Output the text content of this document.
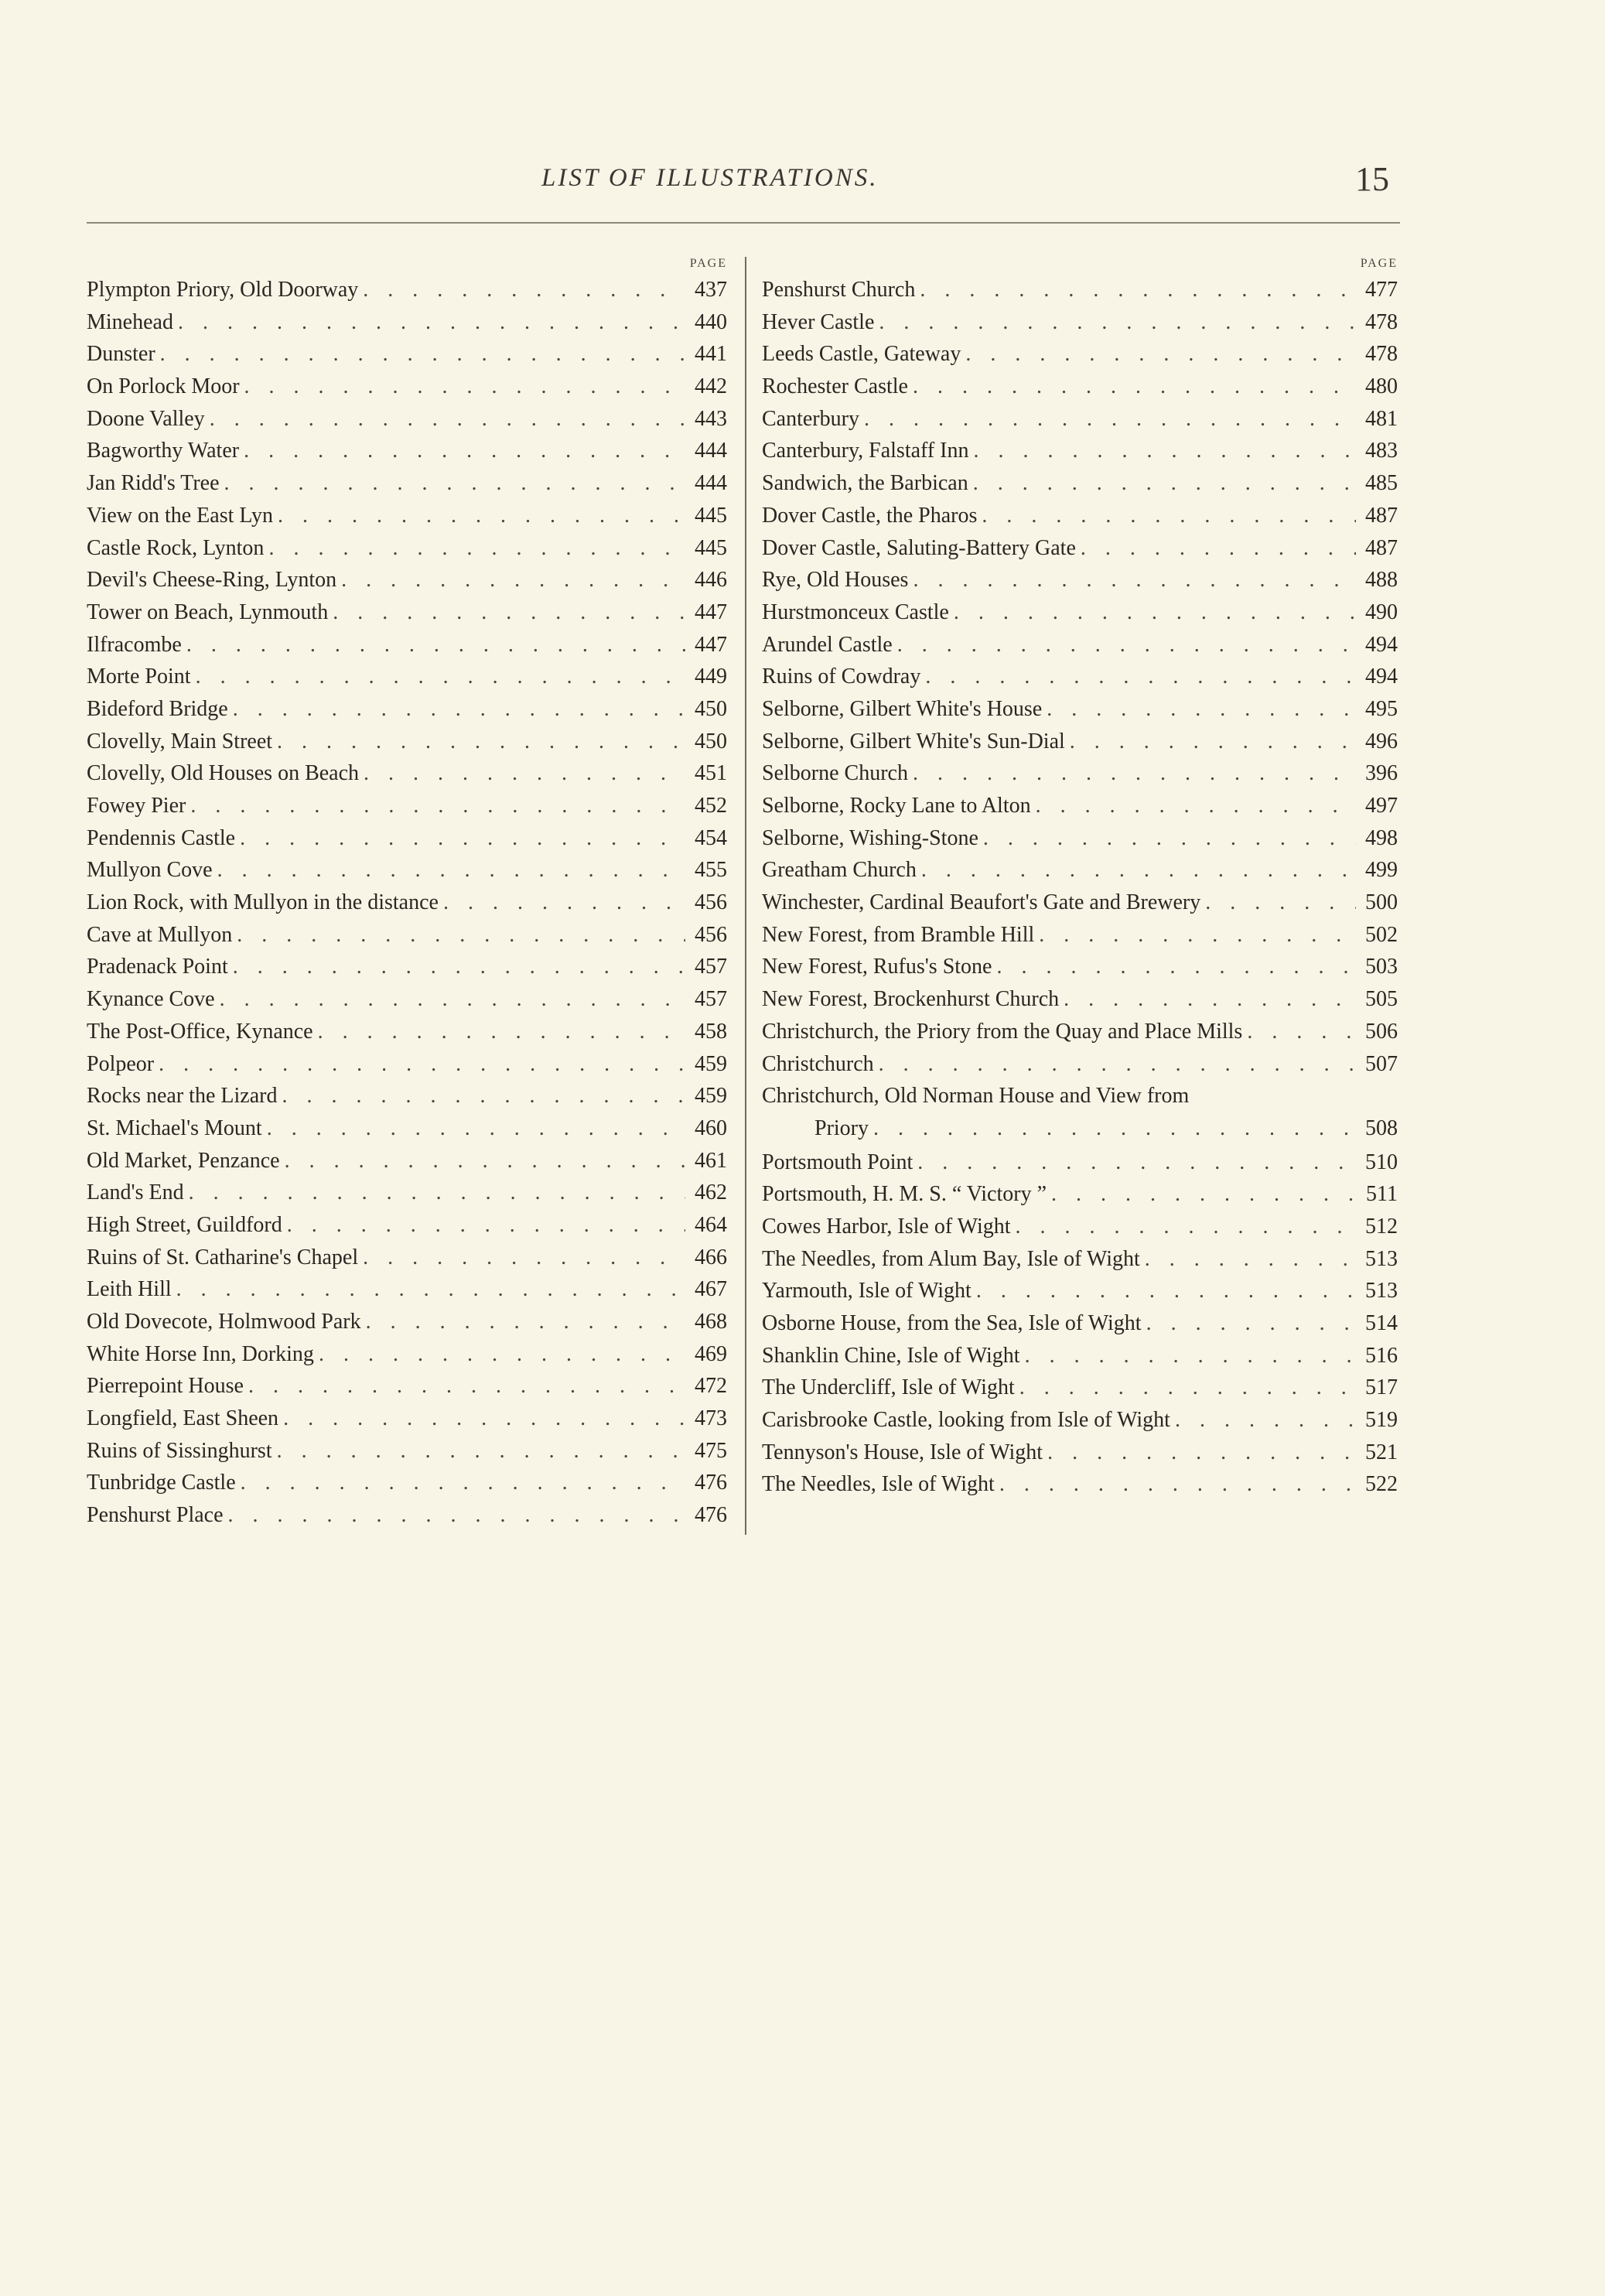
LIST OF ILLUSTRATIONS.	15
PAGE
Plympton Priory, Old Doorway . . .	437
Minehead . . .	440
Dunster . . .	441
On Porlock Moor . . .	442
Doone Valley . . .	443
Bagworthy Water . . .	444
Jan Ridd's Tree . . .	444
View on the East Lyn . . .	445
Castle Rock, Lynton . . .	445
Devil's Cheese-Ring, Lynton . . .	446
Tower on Beach, Lynmouth . . .	447
Ilfracombe . . .	447
Morte Point . . .	449
Bideford Bridge . . .	450
Clovelly, Main Street . . .	450
Clovelly, Old Houses on Beach . . .	451
Fowey Pier . . .	452
Pendennis Castle . . .	454
Mullyon Cove . . .	455
Lion Rock, with Mullyon in the distance . . .	456
Cave at Mullyon . . .	456
Pradenack Point . . .	457
Kynance Cove . . .	457
The Post-Office, Kynance . . .	458
Polpeor . . .	459
Rocks near the Lizard . . .	459
St. Michael's Mount . . .	460
Old Market, Penzance . . .	461
Land's End . . .	462
High Street, Guildford . . .	464
Ruins of St. Catharine's Chapel . . .	466
Leith Hill . . .	467
Old Dovecote, Holmwood Park . . .	468
White Horse Inn, Dorking . . .	469
Pierrepoint House . . .	472
Longfield, East Sheen . . .	473
Ruins of Sissinghurst . . .	475
Tunbridge Castle . . .	476
Penshurst Place . . .	476
PAGE
Penshurst Church . . .	477
Hever Castle . . .	478
Leeds Castle, Gateway . . .	478
Rochester Castle . . .	480
Canterbury . . .	481
Canterbury, Falstaff Inn . . .	483
Sandwich, the Barbican . . .	485
Dover Castle, the Pharos . . .	487
Dover Castle, Saluting-Battery Gate . . .	487
Rye, Old Houses . . .	488
Hurstmonceux Castle . . .	490
Arundel Castle . . .	494
Ruins of Cowdray . . .	494
Selborne, Gilbert White's House . . .	495
Selborne, Gilbert White's Sun-Dial . . .	496
Selborne Church . . .	396
Selborne, Rocky Lane to Alton . . .	497
Selborne, Wishing-Stone . . .	498
Greatham Church . . .	499
Winchester, Cardinal Beaufort's Gate and Brewery . . .	500
New Forest, from Bramble Hill . . .	502
New Forest, Rufus's Stone . . .	503
New Forest, Brockenhurst Church . . .	505
Christchurch, the Priory from the Quay and Place Mills . . .	506
Christchurch . . .	507
Christchurch, Old Norman House and View from
Priory . . .	508
Portsmouth Point . . .	510
Portsmouth, H. M. S. “ Victory ” . . .	511
Cowes Harbor, Isle of Wight . . .	512
The Needles, from Alum Bay, Isle of Wight . . .	513
Yarmouth, Isle of Wight . . .	513
Osborne House, from the Sea, Isle of Wight . . .	514
Shanklin Chine, Isle of Wight . . .	516
The Undercliff, Isle of Wight . . .	517
Carisbrooke Castle, looking from Isle of Wight . . .	519
Tennyson's House, Isle of Wight . . .	521
The Needles, Isle of Wight . . .	522
